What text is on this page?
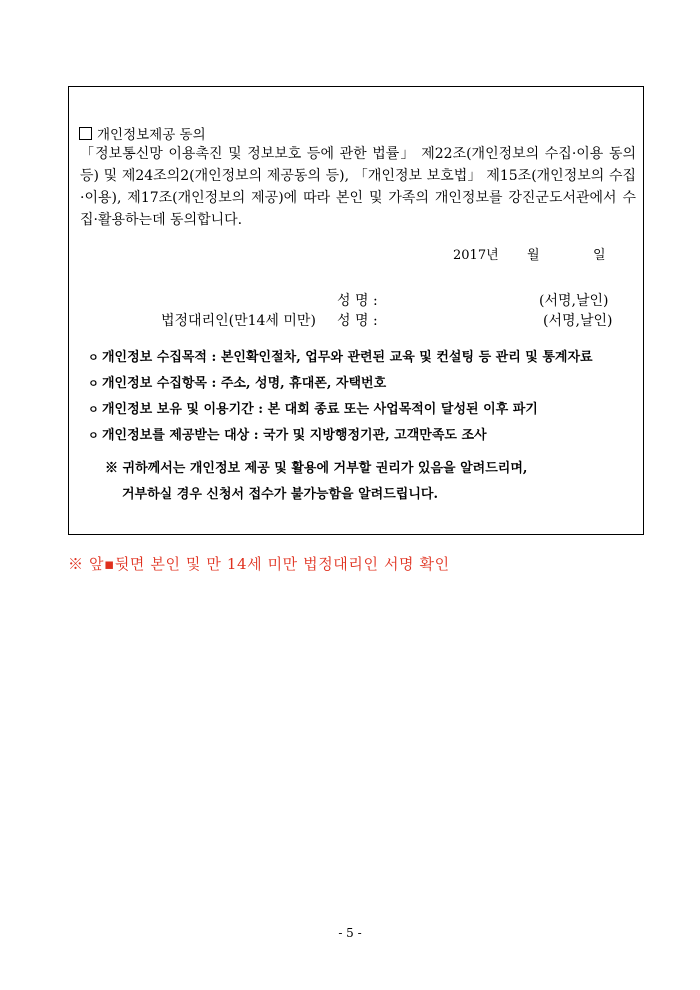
개인정보제공 동의
「정보통신망 이용촉진 및 정보보호 등에 관한 법률」 제22조(개인정보의 수집·이용 동의 등) 및 제24조의2(개인정보의 제공동의 등), 「개인정보 보호법」 제15조(개인정보의 수집·이용), 제17조(개인정보의 제공)에 따라 본인 및 가족의 개인정보를 강진군도서관에서 수집·활용하는데 동의합니다.
2017년 월	일
성 명 :	(서명,날인)
법정대리인(만14세 미만) 성 명 :	(서명,날인)
ㅇ 개인정보 수집목적 : 본인확인절차, 업무와 관련된 교육 및 컨설팅 등 관리 및 통계자료
ㅇ 개인정보 수집항목 : 주소, 성명, 휴대폰, 자택번호
ㅇ 개인정보 보유 및 이용기간 : 본 대회 종료 또는 사업목적이 달성된 이후 파기
ㅇ 개인정보를 제공받는 대상 : 국가 및 지방행정기관, 고객만족도 조사
※ 귀하께서는 개인정보 제공 및 활용에 거부할 권리가 있음을 알려드리며,
거부하실 경우 신청서 접수가 불가능함을 알려드립니다.
※ 앞▪뒷면 본인 및 만 14세 미만 법정대리인 서명 확인
- 5 -
